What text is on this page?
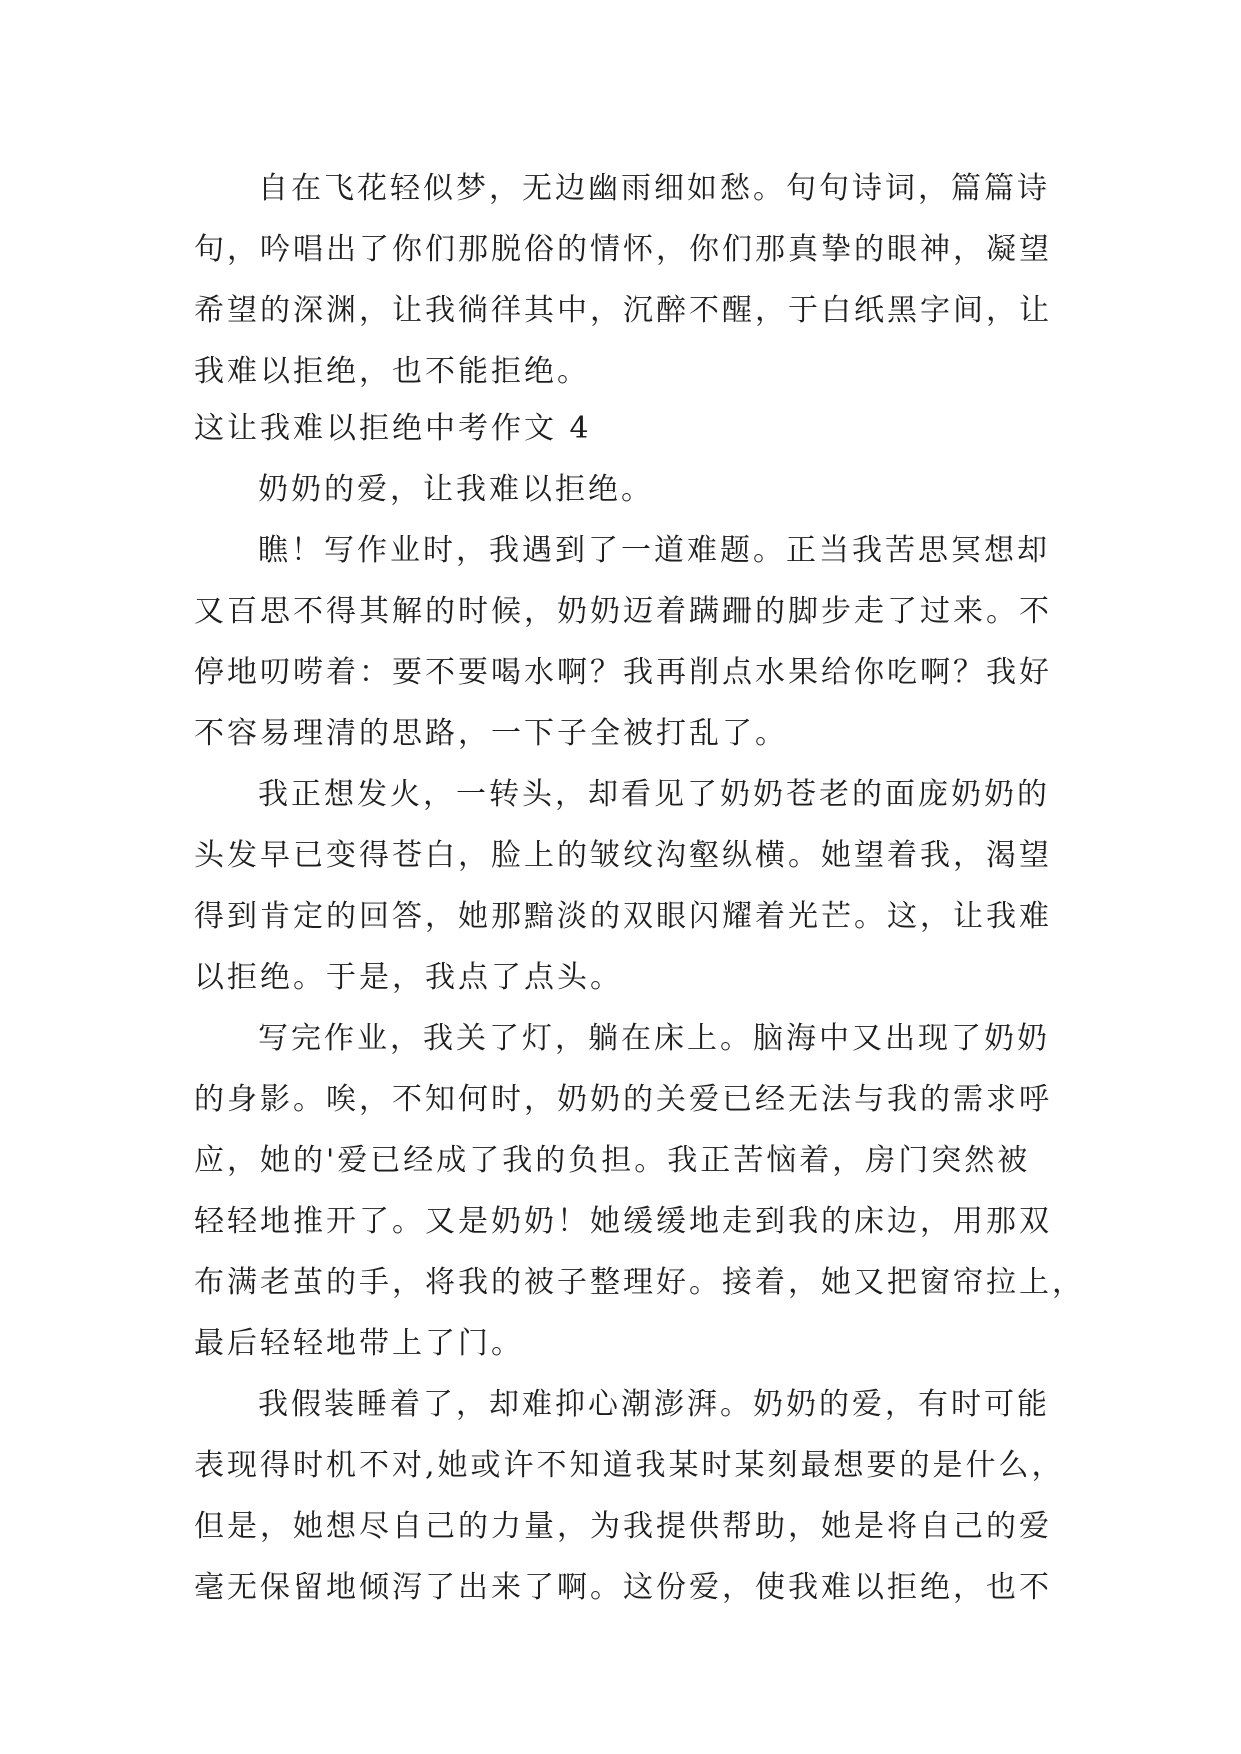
自在飞花轻似梦，无边幽雨细如愁。句句诗词，篇篇诗
句，吟唱出了你们那脱俗的情怀，你们那真挚的眼神，凝望
希望的深渊，让我徜徉其中，沉醉不醒，于白纸黑字间，让
我难以拒绝，也不能拒绝。
这让我难以拒绝中考作文 4
奶奶的爱，让我难以拒绝。
瞧！写作业时，我遇到了一道难题。正当我苦思冥想却
又百思不得其解的时候，奶奶迈着蹒跚的脚步走了过来。不
停地叨唠着：要不要喝水啊？我再削点水果给你吃啊？我好
不容易理清的思路，一下子全被打乱了。
我正想发火，一转头，却看见了奶奶苍老的面庞奶奶的
头发早已变得苍白，脸上的皱纹沟壑纵横。她望着我，渴望
得到肯定的回答，她那黯淡的双眼闪耀着光芒。这，让我难
以拒绝。于是，我点了点头。
写完作业，我关了灯，躺在床上。脑海中又出现了奶奶
的身影。唉，不知何时，奶奶的关爱已经无法与我的需求呼
应，她的'爱已经成了我的负担。我正苦恼着，房门突然被
轻轻地推开了。又是奶奶！她缓缓地走到我的床边，用那双
布满老茧的手，将我的被子整理好。接着，她又把窗帘拉上，
最后轻轻地带上了门。
我假装睡着了，却难抑心潮澎湃。奶奶的爱，有时可能
表现得时机不对,她或许不知道我某时某刻最想要的是什么，
但是，她想尽自己的力量，为我提供帮助，她是将自己的爱
毫无保留地倾泻了出来了啊。这份爱，使我难以拒绝，也不
